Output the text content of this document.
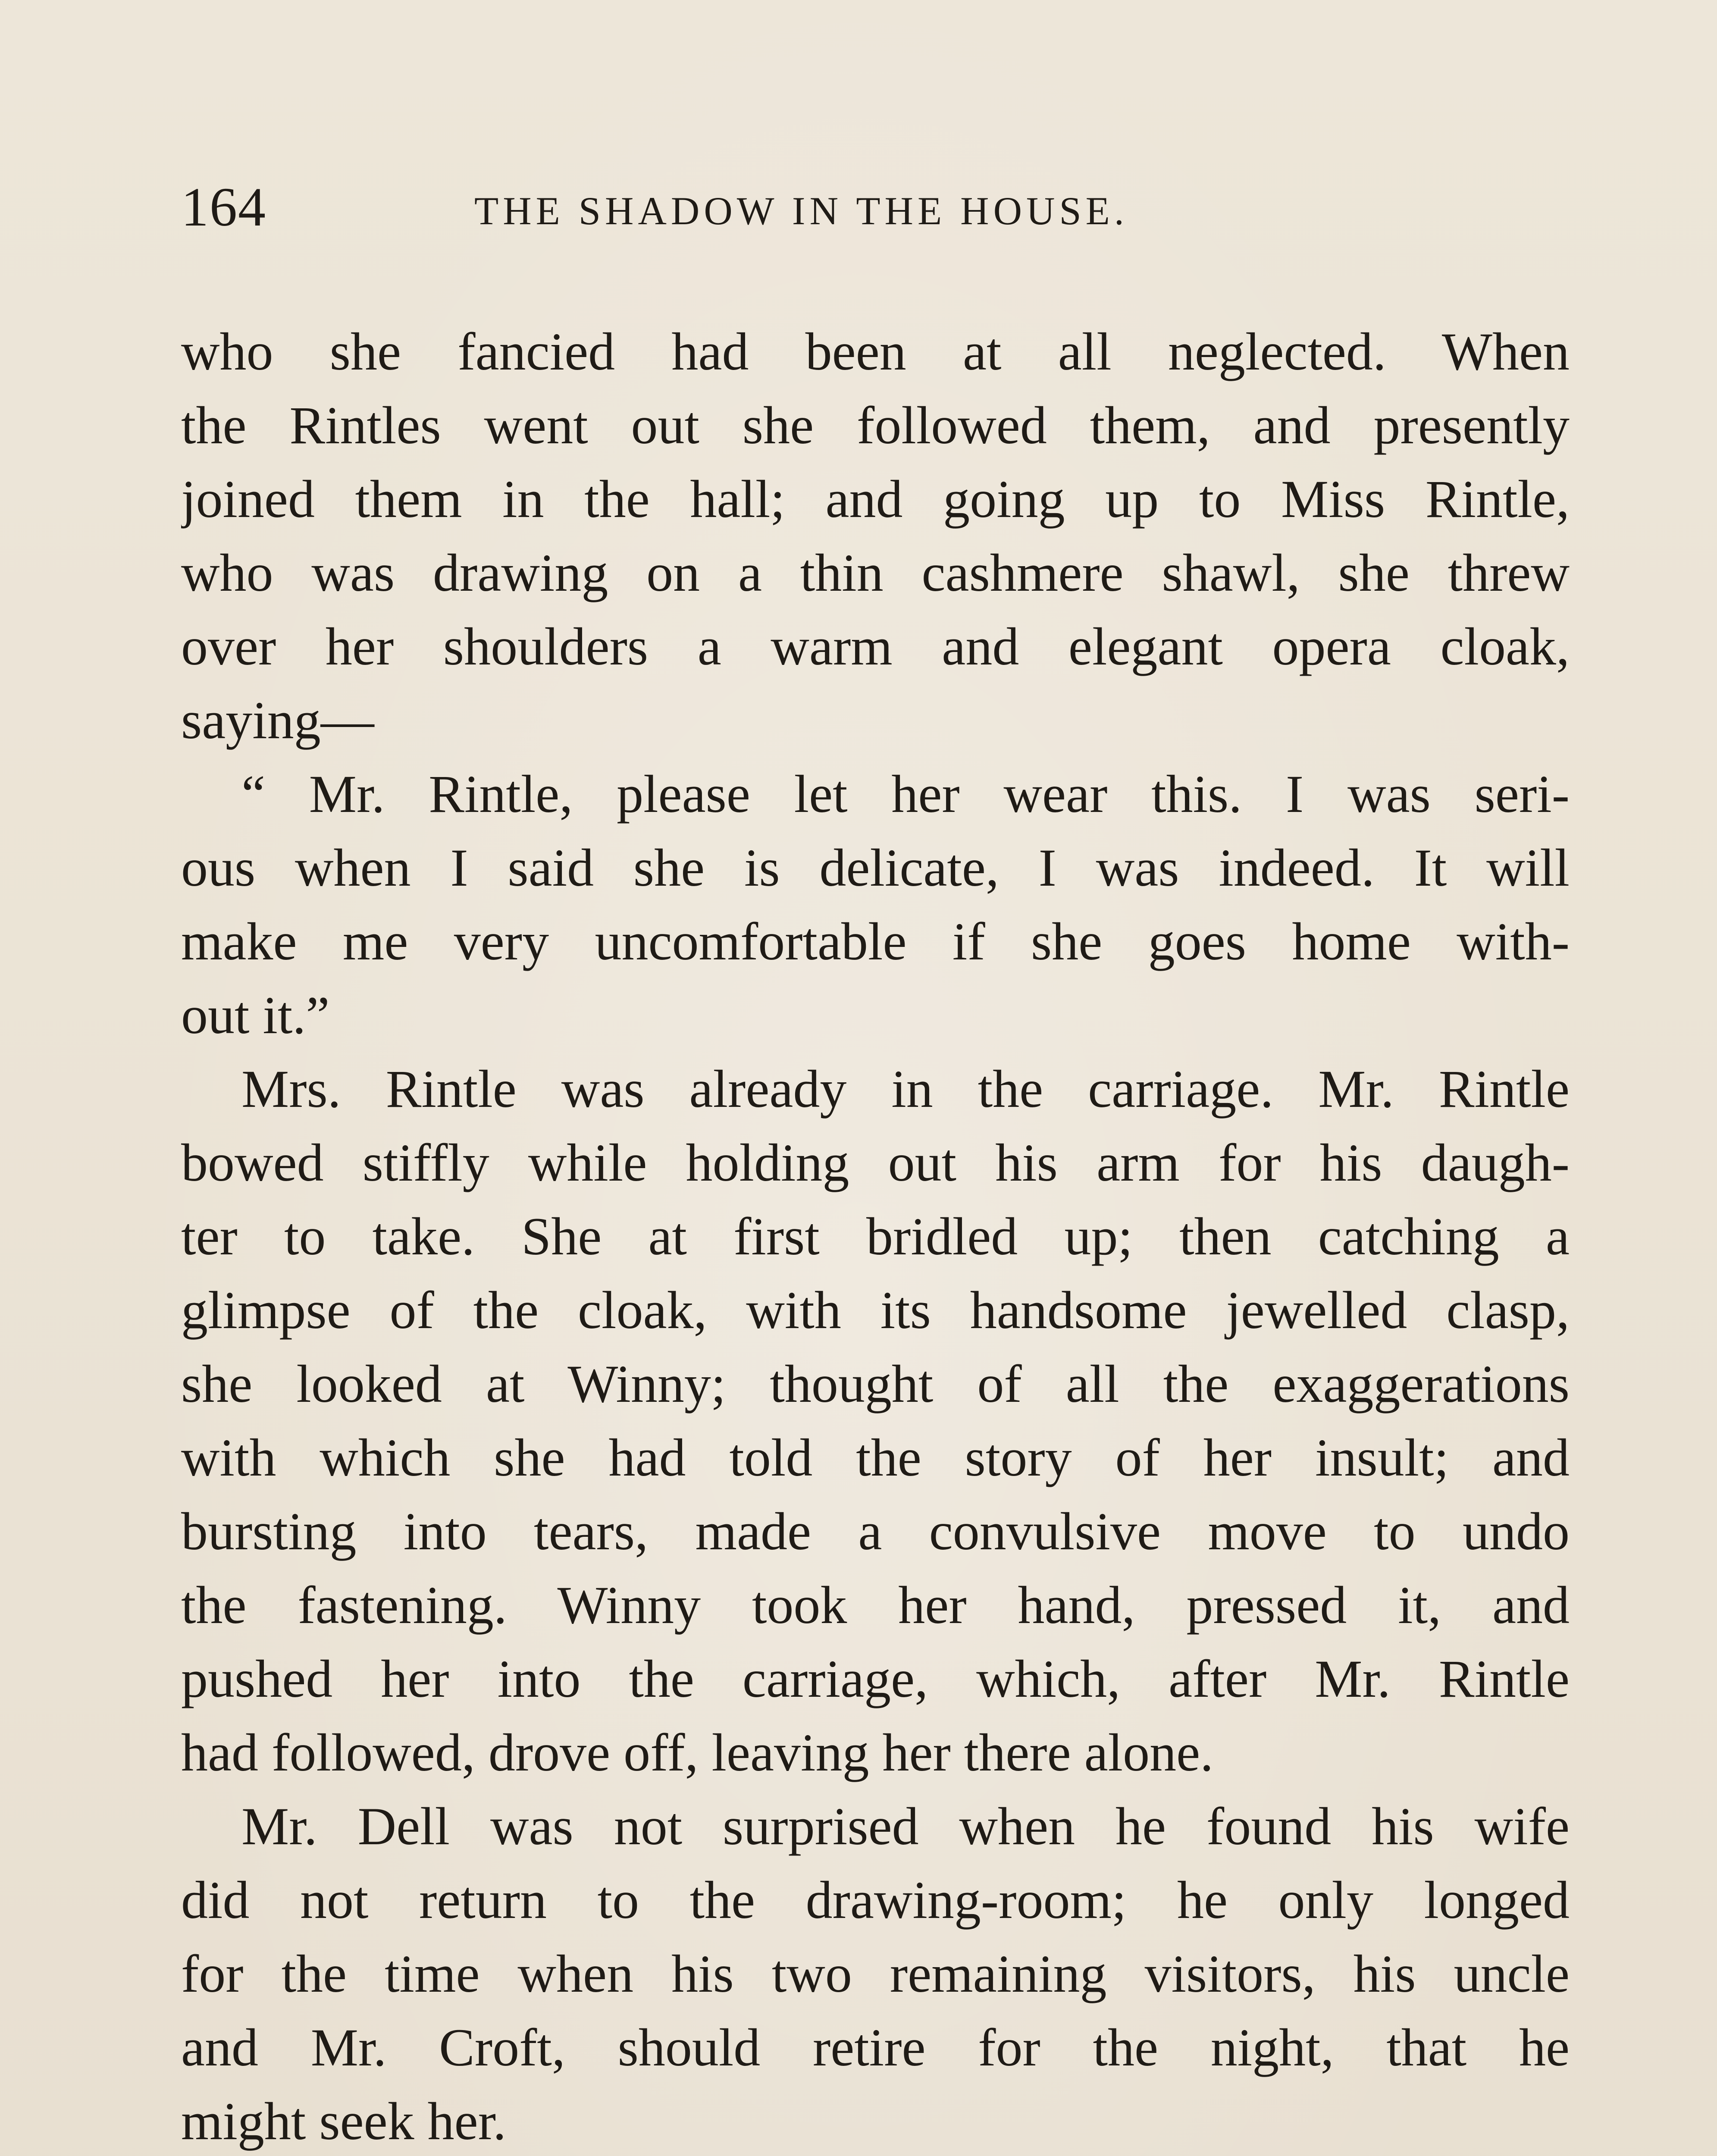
164	THE SHADOW IN THE HOUSE.
who she fancied had been at all neglected. When
the Rintles went out she followed them, and presently
joined them in the hall; and going up to Miss Rintle,
who was drawing on a thin cashmere shawl, she threw
over her shoulders a warm and elegant opera cloak,
saying—
“ Mr. Rintle, please let her wear this. I was seri-
ous when I said she is delicate, I was indeed. It will
make me very uncomfortable if she goes home with-
out it.”
Mrs. Rintle was already in the carriage. Mr. Rintle
bowed stiffly while holding out his arm for his daugh-
ter to take. She at first bridled up; then catching a
glimpse of the cloak, with its handsome jewelled clasp,
she looked at Winny; thought of all the exaggerations
with which she had told the story of her insult; and
bursting into tears, made a convulsive move to undo
the fastening. Winny took her hand, pressed it, and
pushed her into the carriage, which, after Mr. Rintle
had followed, drove off, leaving her there alone.
Mr. Dell was not surprised when he found his wife
did not return to the drawing-room; he only longed
for the time when his two remaining visitors, his uncle
and Mr. Croft, should retire for the night, that he
might seek her.
